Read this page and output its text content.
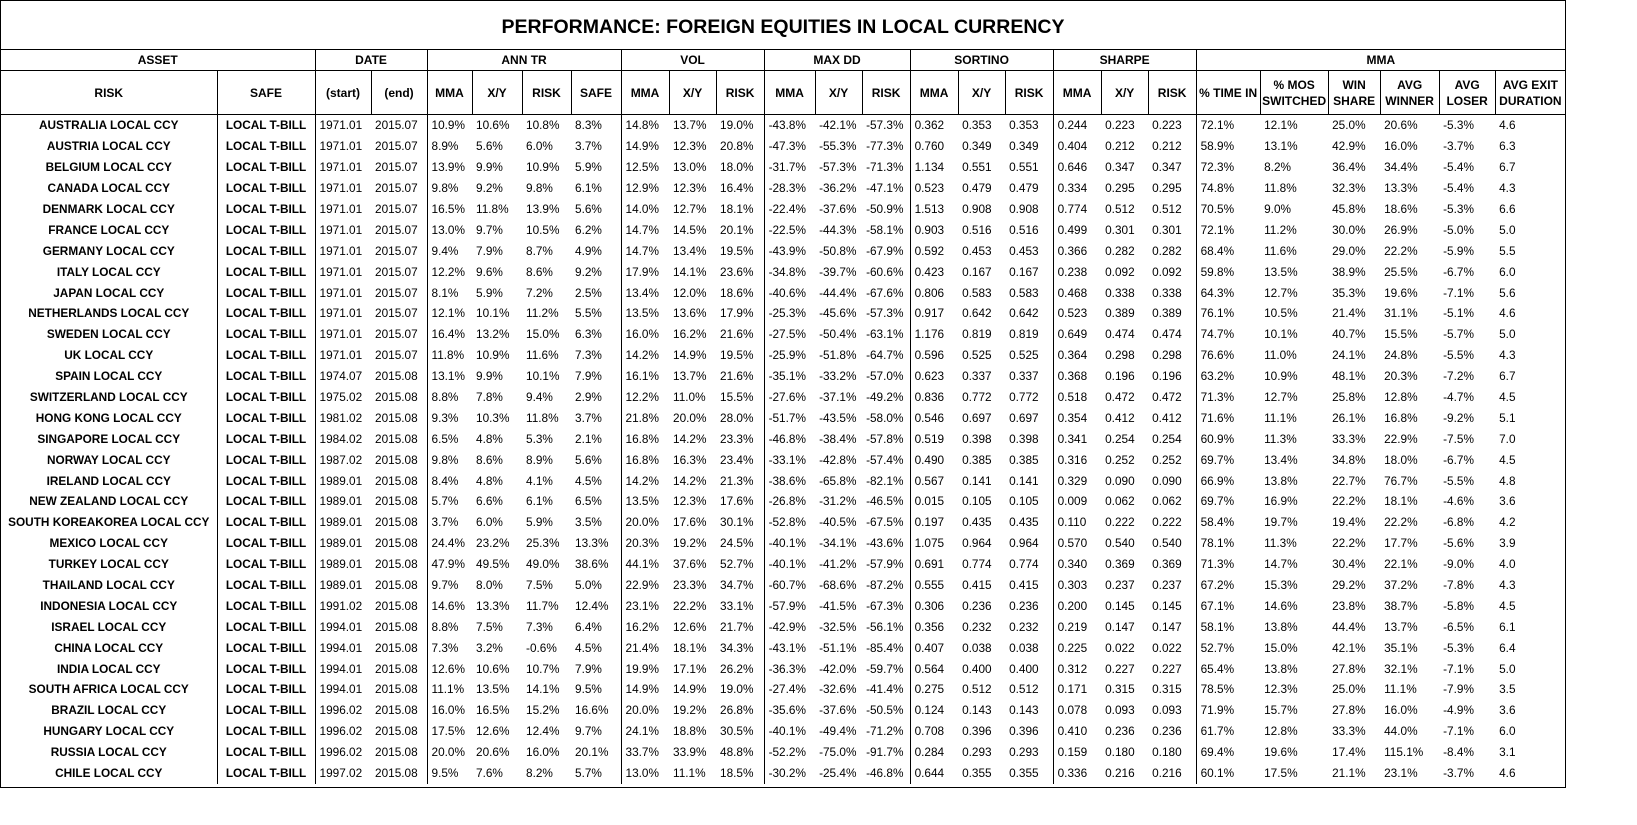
PERFORMANCE: FOREIGN EQUITIES IN LOCAL CURRENCY
ASSET		DATE		ANN TR				VOL			MAX DD			SORTINO			SHARPE			MMA					
RISK	SAFE	(start)	(end)	MMA	X/Y	RISK	SAFE	MMA	X/Y	RISK	MMA	X/Y	RISK	MMA	X/Y	RISK	MMA	X/Y	RISK	% TIME IN	% MOS SWITCHED	WIN SHARE	AVG WINNER	AVG LOSER	AVG EXIT DURATION
AUSTRALIA LOCAL CCY	LOCAL T-BILL	1971.01	2015.07	10.9%	10.6%	10.8%	8.3%	14.8%	13.7%	19.0%	-43.8%	-42.1%	-57.3%	0.362	0.353	0.353	0.244	0.223	0.223	72.1%	12.1%	25.0%	20.6%	-5.3%	4.6
AUSTRIA LOCAL CCY	LOCAL T-BILL	1971.01	2015.07	8.9%	5.6%	6.0%	3.7%	14.9%	12.3%	20.8%	-47.3%	-55.3%	-77.3%	0.760	0.349	0.349	0.404	0.212	0.212	58.9%	13.1%	42.9%	16.0%	-3.7%	6.3
BELGIUM LOCAL CCY	LOCAL T-BILL	1971.01	2015.07	13.9%	9.9%	10.9%	5.9%	12.5%	13.0%	18.0%	-31.7%	-57.3%	-71.3%	1.134	0.551	0.551	0.646	0.347	0.347	72.3%	8.2%	36.4%	34.4%	-5.4%	6.7
CANADA LOCAL CCY	LOCAL T-BILL	1971.01	2015.07	9.8%	9.2%	9.8%	6.1%	12.9%	12.3%	16.4%	-28.3%	-36.2%	-47.1%	0.523	0.479	0.479	0.334	0.295	0.295	74.8%	11.8%	32.3%	13.3%	-5.4%	4.3
DENMARK LOCAL CCY	LOCAL T-BILL	1971.01	2015.07	16.5%	11.8%	13.9%	5.6%	14.0%	12.7%	18.1%	-22.4%	-37.6%	-50.9%	1.513	0.908	0.908	0.774	0.512	0.512	70.5%	9.0%	45.8%	18.6%	-5.3%	6.6
FRANCE LOCAL CCY	LOCAL T-BILL	1971.01	2015.07	13.0%	9.7%	10.5%	6.2%	14.7%	14.5%	20.1%	-22.5%	-44.3%	-58.1%	0.903	0.516	0.516	0.499	0.301	0.301	72.1%	11.2%	30.0%	26.9%	-5.0%	5.0
GERMANY LOCAL CCY	LOCAL T-BILL	1971.01	2015.07	9.4%	7.9%	8.7%	4.9%	14.7%	13.4%	19.5%	-43.9%	-50.8%	-67.9%	0.592	0.453	0.453	0.366	0.282	0.282	68.4%	11.6%	29.0%	22.2%	-5.9%	5.5
ITALY LOCAL CCY	LOCAL T-BILL	1971.01	2015.07	12.2%	9.6%	8.6%	9.2%	17.9%	14.1%	23.6%	-34.8%	-39.7%	-60.6%	0.423	0.167	0.167	0.238	0.092	0.092	59.8%	13.5%	38.9%	25.5%	-6.7%	6.0
JAPAN LOCAL CCY	LOCAL T-BILL	1971.01	2015.07	8.1%	5.9%	7.2%	2.5%	13.4%	12.0%	18.6%	-40.6%	-44.4%	-67.6%	0.806	0.583	0.583	0.468	0.338	0.338	64.3%	12.7%	35.3%	19.6%	-7.1%	5.6
NETHERLANDS LOCAL CCY	LOCAL T-BILL	1971.01	2015.07	12.1%	10.1%	11.2%	5.5%	13.5%	13.6%	17.9%	-25.3%	-45.6%	-57.3%	0.917	0.642	0.642	0.523	0.389	0.389	76.1%	10.5%	21.4%	31.1%	-5.1%	4.6
SWEDEN LOCAL CCY	LOCAL T-BILL	1971.01	2015.07	16.4%	13.2%	15.0%	6.3%	16.0%	16.2%	21.6%	-27.5%	-50.4%	-63.1%	1.176	0.819	0.819	0.649	0.474	0.474	74.7%	10.1%	40.7%	15.5%	-5.7%	5.0
UK LOCAL CCY	LOCAL T-BILL	1971.01	2015.07	11.8%	10.9%	11.6%	7.3%	14.2%	14.9%	19.5%	-25.9%	-51.8%	-64.7%	0.596	0.525	0.525	0.364	0.298	0.298	76.6%	11.0%	24.1%	24.8%	-5.5%	4.3
SPAIN LOCAL CCY	LOCAL T-BILL	1974.07	2015.08	13.1%	9.9%	10.1%	7.9%	16.1%	13.7%	21.6%	-35.1%	-33.2%	-57.0%	0.623	0.337	0.337	0.368	0.196	0.196	63.2%	10.9%	48.1%	20.3%	-7.2%	6.7
SWITZERLAND LOCAL CCY	LOCAL T-BILL	1975.02	2015.08	8.8%	7.8%	9.4%	2.9%	12.2%	11.0%	15.5%	-27.6%	-37.1%	-49.2%	0.836	0.772	0.772	0.518	0.472	0.472	71.3%	12.7%	25.8%	12.8%	-4.7%	4.5
HONG KONG LOCAL CCY	LOCAL T-BILL	1981.02	2015.08	9.3%	10.3%	11.8%	3.7%	21.8%	20.0%	28.0%	-51.7%	-43.5%	-58.0%	0.546	0.697	0.697	0.354	0.412	0.412	71.6%	11.1%	26.1%	16.8%	-9.2%	5.1
SINGAPORE LOCAL CCY	LOCAL T-BILL	1984.02	2015.08	6.5%	4.8%	5.3%	2.1%	16.8%	14.2%	23.3%	-46.8%	-38.4%	-57.8%	0.519	0.398	0.398	0.341	0.254	0.254	60.9%	11.3%	33.3%	22.9%	-7.5%	7.0
NORWAY LOCAL CCY	LOCAL T-BILL	1987.02	2015.08	9.8%	8.6%	8.9%	5.6%	16.8%	16.3%	23.4%	-33.1%	-42.8%	-57.4%	0.490	0.385	0.385	0.316	0.252	0.252	69.7%	13.4%	34.8%	18.0%	-6.7%	4.5
IRELAND LOCAL CCY	LOCAL T-BILL	1989.01	2015.08	8.4%	4.8%	4.1%	4.5%	14.2%	14.2%	21.3%	-38.6%	-65.8%	-82.1%	0.567	0.141	0.141	0.329	0.090	0.090	66.9%	13.8%	22.7%	76.7%	-5.5%	4.8
NEW ZEALAND LOCAL CCY	LOCAL T-BILL	1989.01	2015.08	5.7%	6.6%	6.1%	6.5%	13.5%	12.3%	17.6%	-26.8%	-31.2%	-46.5%	0.015	0.105	0.105	0.009	0.062	0.062	69.7%	16.9%	22.2%	18.1%	-4.6%	3.6
SOUTH KOREAKOREA LOCAL CCY	LOCAL T-BILL	1989.01	2015.08	3.7%	6.0%	5.9%	3.5%	20.0%	17.6%	30.1%	-52.8%	-40.5%	-67.5%	0.197	0.435	0.435	0.110	0.222	0.222	58.4%	19.7%	19.4%	22.2%	-6.8%	4.2
MEXICO LOCAL CCY	LOCAL T-BILL	1989.01	2015.08	24.4%	23.2%	25.3%	13.3%	20.3%	19.2%	24.5%	-40.1%	-34.1%	-43.6%	1.075	0.964	0.964	0.570	0.540	0.540	78.1%	11.3%	22.2%	17.7%	-5.6%	3.9
TURKEY LOCAL CCY	LOCAL T-BILL	1989.01	2015.08	47.9%	49.5%	49.0%	38.6%	44.1%	37.6%	52.7%	-40.1%	-41.2%	-57.9%	0.691	0.774	0.774	0.340	0.369	0.369	71.3%	14.7%	30.4%	22.1%	-9.0%	4.0
THAILAND LOCAL CCY	LOCAL T-BILL	1989.01	2015.08	9.7%	8.0%	7.5%	5.0%	22.9%	23.3%	34.7%	-60.7%	-68.6%	-87.2%	0.555	0.415	0.415	0.303	0.237	0.237	67.2%	15.3%	29.2%	37.2%	-7.8%	4.3
INDONESIA LOCAL CCY	LOCAL T-BILL	1991.02	2015.08	14.6%	13.3%	11.7%	12.4%	23.1%	22.2%	33.1%	-57.9%	-41.5%	-67.3%	0.306	0.236	0.236	0.200	0.145	0.145	67.1%	14.6%	23.8%	38.7%	-5.8%	4.5
ISRAEL LOCAL CCY	LOCAL T-BILL	1994.01	2015.08	8.8%	7.5%	7.3%	6.4%	16.2%	12.6%	21.7%	-42.9%	-32.5%	-56.1%	0.356	0.232	0.232	0.219	0.147	0.147	58.1%	13.8%	44.4%	13.7%	-6.5%	6.1
CHINA LOCAL CCY	LOCAL T-BILL	1994.01	2015.08	7.3%	3.2%	-0.6%	4.5%	21.4%	18.1%	34.3%	-43.1%	-51.1%	-85.4%	0.407	0.038	0.038	0.225	0.022	0.022	52.7%	15.0%	42.1%	35.1%	-5.3%	6.4
INDIA LOCAL CCY	LOCAL T-BILL	1994.01	2015.08	12.6%	10.6%	10.7%	7.9%	19.9%	17.1%	26.2%	-36.3%	-42.0%	-59.7%	0.564	0.400	0.400	0.312	0.227	0.227	65.4%	13.8%	27.8%	32.1%	-7.1%	5.0
SOUTH AFRICA LOCAL CCY	LOCAL T-BILL	1994.01	2015.08	11.1%	13.5%	14.1%	9.5%	14.9%	14.9%	19.0%	-27.4%	-32.6%	-41.4%	0.275	0.512	0.512	0.171	0.315	0.315	78.5%	12.3%	25.0%	11.1%	-7.9%	3.5
BRAZIL LOCAL CCY	LOCAL T-BILL	1996.02	2015.08	16.0%	16.5%	15.2%	16.6%	20.0%	19.2%	26.8%	-35.6%	-37.6%	-50.5%	0.124	0.143	0.143	0.078	0.093	0.093	71.9%	15.7%	27.8%	16.0%	-4.9%	3.6
HUNGARY LOCAL CCY	LOCAL T-BILL	1996.02	2015.08	17.5%	12.6%	12.4%	9.7%	24.1%	18.8%	30.5%	-40.1%	-49.4%	-71.2%	0.708	0.396	0.396	0.410	0.236	0.236	61.7%	12.8%	33.3%	44.0%	-7.1%	6.0
RUSSIA LOCAL CCY	LOCAL T-BILL	1996.02	2015.08	20.0%	20.6%	16.0%	20.1%	33.7%	33.9%	48.8%	-52.2%	-75.0%	-91.7%	0.284	0.293	0.293	0.159	0.180	0.180	69.4%	19.6%	17.4%	115.1%	-8.4%	3.1
CHILE LOCAL CCY	LOCAL T-BILL	1997.02	2015.08	9.5%	7.6%	8.2%	5.7%	13.0%	11.1%	18.5%	-30.2%	-25.4%	-46.8%	0.644	0.355	0.355	0.336	0.216	0.216	60.1%	17.5%	21.1%	23.1%	-3.7%	4.6
